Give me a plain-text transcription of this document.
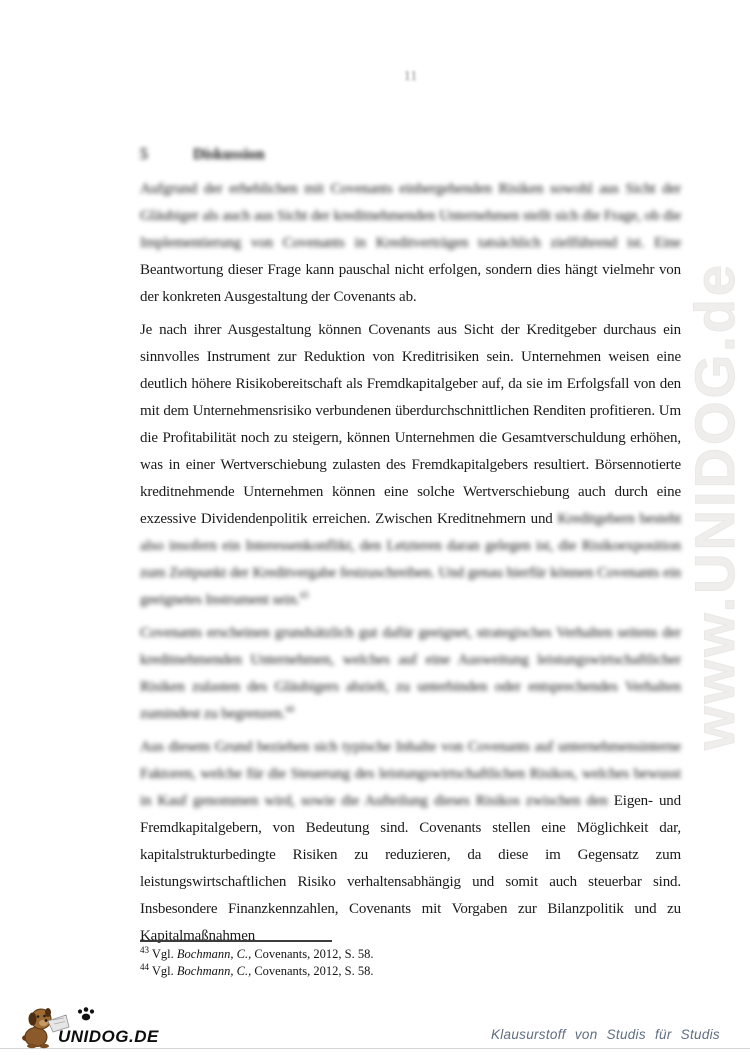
www.UNIDOG.de
11
5	Diskussion

Aufgrund der erheblichen mit Covenants einhergehenden Risiken sowohl aus Sicht der Gläubiger als auch aus Sicht der kreditnehmenden Unternehmen stellt sich die Frage, ob die Implementierung von Covenants in Kreditverträgen tatsächlich zielführend ist. Eine Beantwortung dieser Frage kann pauschal nicht erfolgen, sondern dies hängt vielmehr von der konkreten Ausgestaltung der Covenants ab.

Je nach ihrer Ausgestaltung können Covenants aus Sicht der Kreditgeber durchaus ein sinnvolles Instrument zur Reduktion von Kreditrisiken sein. Unternehmen weisen eine deutlich höhere Risikobereitschaft als Fremdkapitalgeber auf, da sie im Erfolgsfall von den mit dem Unternehmensrisiko verbundenen überdurchschnittlichen Renditen profitieren. Um die Profitabilität noch zu steigern, können Unternehmen die Gesamtverschuldung erhöhen, was in einer Wertverschiebung zulasten des Fremdkapitalgebers resultiert. Börsennotierte kreditnehmende Unternehmen können eine solche Wertverschiebung auch durch eine exzessive Dividendenpolitik erreichen. Zwischen Kreditnehmern und Kreditgebern besteht also insofern ein Interessenkonflikt, den Letzteren daran gelegen ist, die Risikoexposition zum Zeitpunkt der Kreditvergabe festzuschreiben. Und genau hierfür können Covenants ein geeignetes Instrument sein.$^{43}$

Covenants erscheinen grundsätzlich gut dafür geeignet, strategisches Verhalten seitens der kreditnehmenden Unternehmen, welches auf eine Ausweitung leistungswirtschaftlicher Risiken zulasten des Gläubigers abzielt, zu unterbinden oder entsprechendes Verhalten zumindest zu begrenzen.$^{44}$

Aus diesem Grund beziehen sich typische Inhalte von Covenants auf unternehmensinterne Faktoren, welche für die Steuerung des leistungswirtschaftlichen Risikos, welches bewusst in Kauf genommen wird, sowie die Aufteilung dieses Risikos zwischen den Eigen- und Fremdkapitalgebern, von Bedeutung sind. Covenants stellen eine Möglichkeit dar, kapitalstrukturbedingte Risiken zu reduzieren, da diese im Gegensatz zum leistungswirtschaftlichen Risiko verhaltensabhängig und somit auch steuerbar sind. Insbesondere Finanzkennzahlen, Covenants mit Vorgaben zur Bilanzpolitik und zu Kapitalmaßnahmen

$^{43}$ Vgl. Bochmann, C., Covenants, 2012, S. 58.
$^{44}$ Vgl. Bochmann, C., Covenants, 2012, S. 58.
UNIDOG.DE	Klausurstoff von Studis für Studis
